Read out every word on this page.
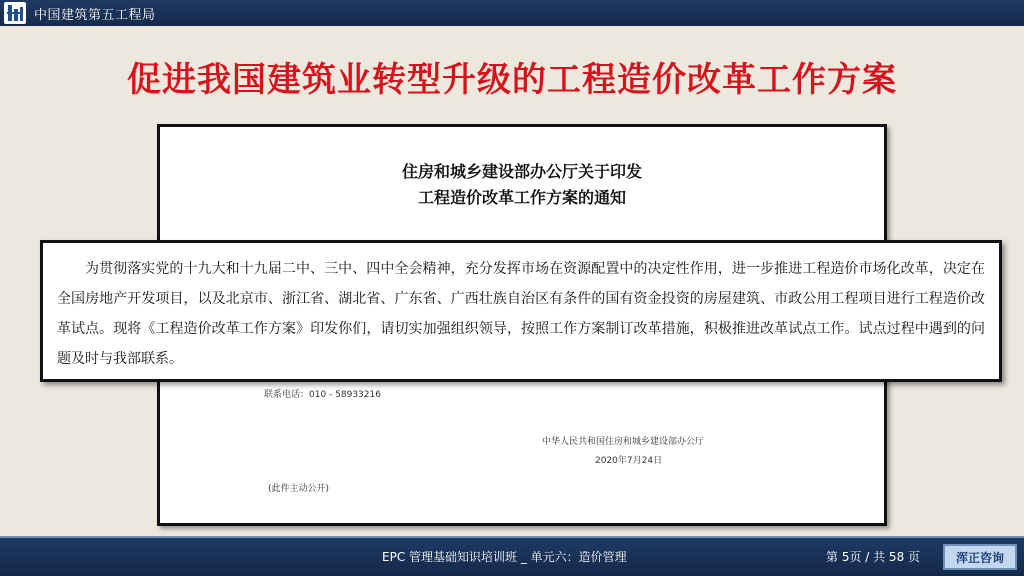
中国建筑第五工程局
促进我国建筑业转型升级的工程造价改革工作方案
住房和城乡建设部办公厅关于印发
工程造价改革工作方案的通知
联系电话：010 - 58933216
中华人民共和国住房和城乡建设部办公厅
2020年7月24日
(此件主动公开)

为贯彻落实党的十九大和十九届二中、三中、四中全会精神，充分发挥市场在资源配置中的决定性作用，进一步推进工程造价市场化改革，决定在全国房地产开发项目，以及北京市、浙江省、湖北省、广东省、广西壮族自治区有条件的国有资金投资的房屋建筑、市政公用工程项目进行工程造价改革试点。现将《工程造价改革工作方案》印发你们，请切实加强组织领导，按照工作方案制订改革措施，积极推进改革试点工作。试点过程中遇到的问题及时与我部联系。

EPC 管理基础知识培训班 _ 单元六：造价管理	第 5页 / 共 58 页	浑正咨询
